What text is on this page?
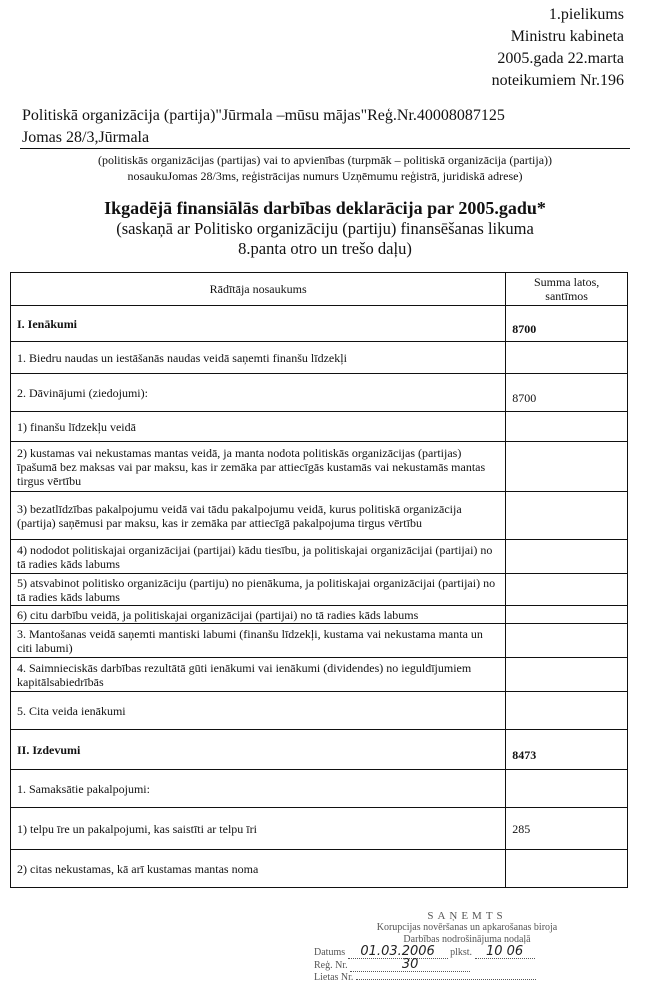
1.pielikums
Ministru kabineta
2005.gada 22.marta
noteikumiem Nr.196
Politiskā organizācija (partija)"Jūrmala –mūsu mājas"Reģ.Nr.40008087125
Jomas 28/3,Jūrmala
(politiskās organizācijas (partijas) vai to apvienības (turpmāk – politiskā organizācija (partija))
nosaukuJomas 28/3ms, reģistrācijas numurs Uzņēmumu reģistrā, juridiskā adrese)
Ikgadējā finansiālās darbības deklarācija par 2005.gadu*
(saskaņā ar Politisko organizāciju (partiju) finansēšanas likuma
8.panta otro un trešo daļu)
Rādītāja nosaukums	Summa latos, santīmos
I. Ienākumi	8700
1. Biedru naudas un iestāšanās naudas veidā saņemti finanšu līdzekļi	
2. Dāvinājumi (ziedojumi):	8700
1) finanšu līdzekļu veidā	
2) kustamas vai nekustamas mantas veidā, ja manta nodota politiskās organizācijas (partijas) īpašumā bez maksas vai par maksu, kas ir zemāka par attiecīgās kustamās vai nekustamās mantas tirgus vērtību	
3) bezatlīdzības pakalpojumu veidā vai tādu pakalpojumu veidā, kurus politiskā organizācija (partija) saņēmusi par maksu, kas ir zemāka par attiecīgā pakalpojuma tirgus vērtību	
4) nododot politiskajai organizācijai (partijai) kādu tiesību, ja politiskajai organizācijai (partijai) no tā radies kāds labums	
5) atsvabinot politisko organizāciju (partiju) no pienākuma, ja politiskajai organizācijai (partijai) no tā radies kāds labums	
6) citu darbību veidā, ja politiskajai organizācijai (partijai) no tā radies kāds labums	
3. Mantošanas veidā saņemti mantiski labumi (finanšu līdzekļi, kustama vai nekustama manta un citi labumi)	
4. Saimnieciskās darbības rezultātā gūti ienākumi vai ienākumi (dividendes) no ieguldījumiem kapitālsabiedrībās	
5. Cita veida ienākumi	
II. Izdevumi	8473
1. Samaksātie pakalpojumi:	
1) telpu īre un pakalpojumi, kas saistīti ar telpu īri	285
2) citas nekustamas, kā arī kustamas mantas noma	
SAŅEMTS
Korupcijas novēršanas un apkarošanas biroja
Darbības nodrošinājuma nodaļā
Datums 01.03.2006 plkst. 10 06
Reģ. Nr.	30
Lietas Nr.
